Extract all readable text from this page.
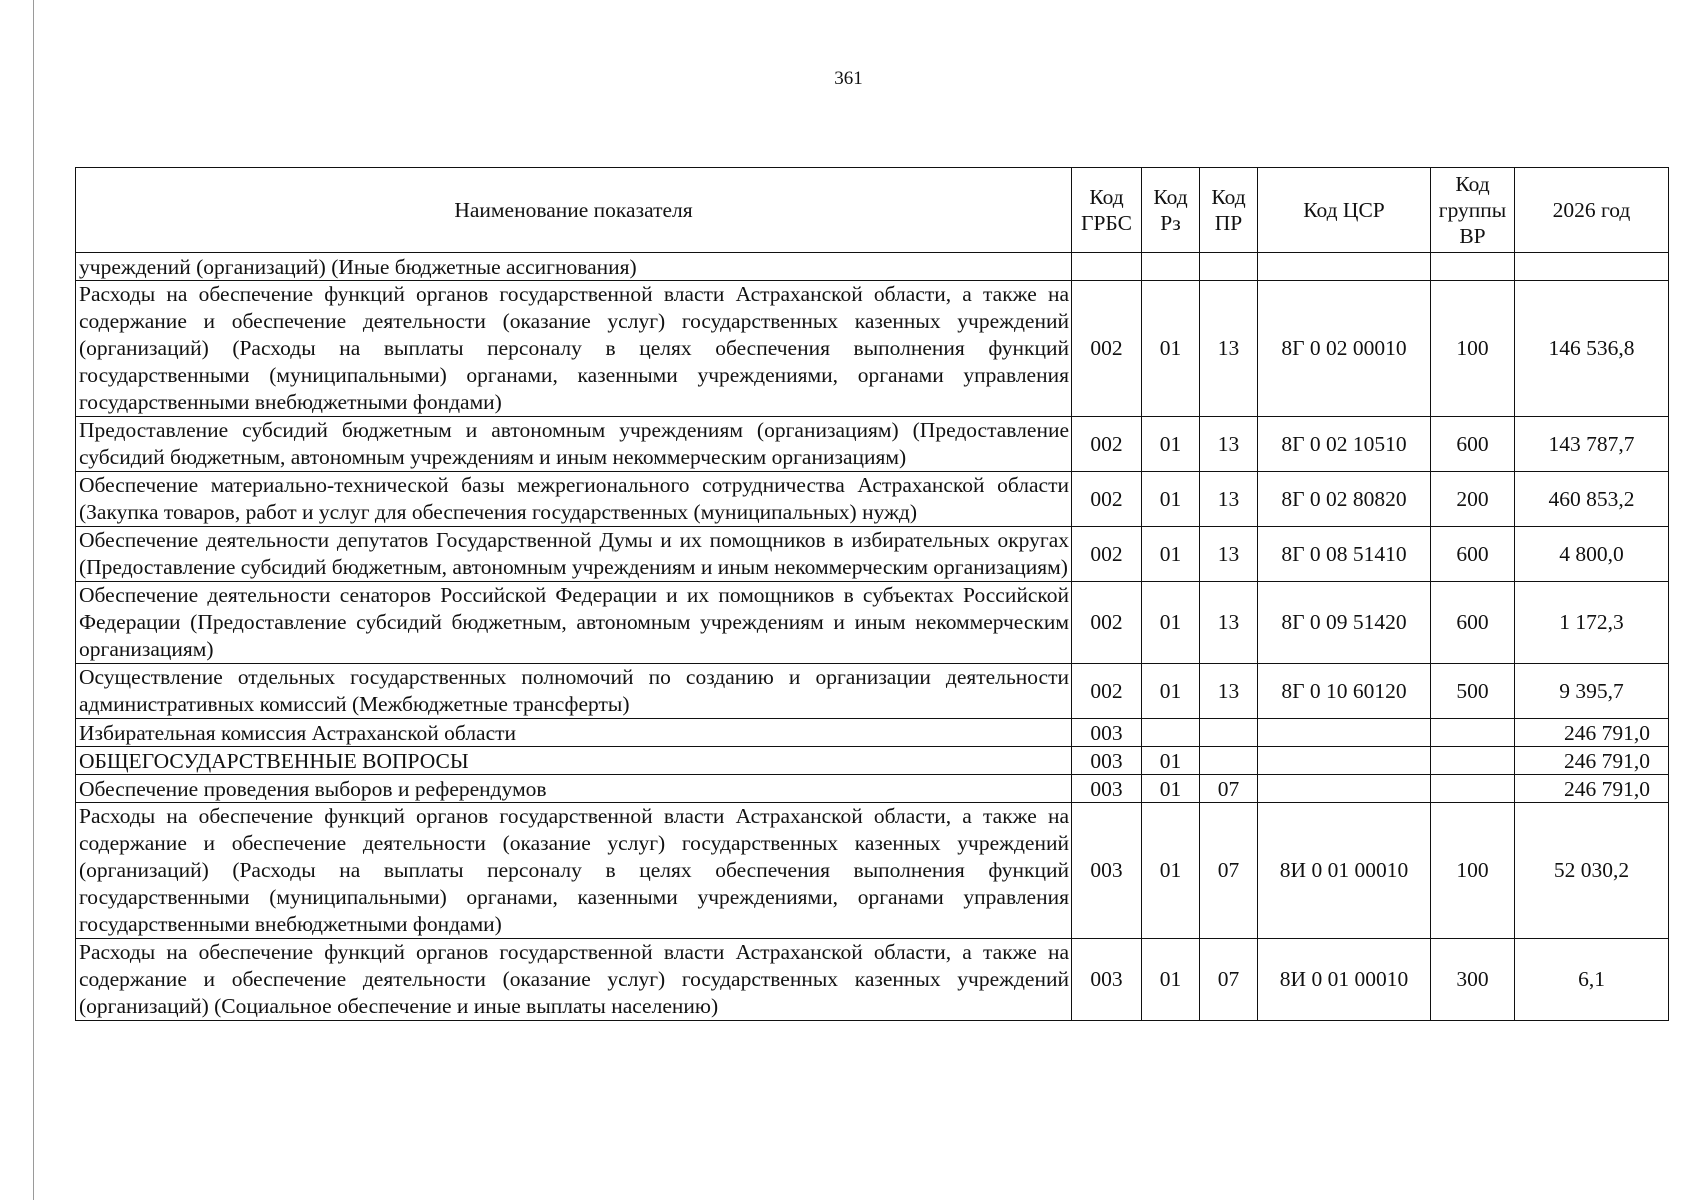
361
Наименование показателя	Код ГРБС	Код Рз	Код ПР	Код ЦСР	Код группы ВР	2026 год
учреждений (организаций) (Иные бюджетные ассигнования)						
Расходы на обеспечение функций органов государственной власти Астраханской области, а также на содержание и обеспечение деятельности (оказание услуг) государственных казенных учреждений (организаций) (Расходы на выплаты персоналу в целях обеспечения выполнения функций государственными (муниципальными) органами, казенными учреждениями, органами управления государственными внебюджетными фондами)	002	01	13	8Г 0 02 00010	100	146 536,8
Предоставление субсидий бюджетным и автономным учреждениям (организациям) (Предоставление субсидий бюджетным, автономным учреждениям и иным некоммерческим организациям)	002	01	13	8Г 0 02 10510	600	143 787,7
Обеспечение материально-технической базы межрегионального сотрудничества Астраханской области (Закупка товаров, работ и услуг для обеспечения государственных (муниципальных) нужд)	002	01	13	8Г 0 02 80820	200	460 853,2
Обеспечение деятельности депутатов Государственной Думы и их помощников в избирательных округах (Предоставление субсидий бюджетным, автономным учреждениям и иным некоммерческим организациям)	002	01	13	8Г 0 08 51410	600	4 800,0
Обеспечение деятельности сенаторов Российской Федерации и их помощников в субъектах Российской Федерации (Предоставление субсидий бюджетным, автономным учреждениям и иным некоммерческим организациям)	002	01	13	8Г 0 09 51420	600	1 172,3
Осуществление отдельных государственных полномочий по созданию и организации деятельности административных комиссий (Межбюджетные трансферты)	002	01	13	8Г 0 10 60120	500	9 395,7
Избирательная комиссия Астраханской области	003					246 791,0
ОБЩЕГОСУДАРСТВЕННЫЕ ВОПРОСЫ	003	01				246 791,0
Обеспечение проведения выборов и референдумов	003	01	07			246 791,0
Расходы на обеспечение функций органов государственной власти Астраханской области, а также на содержание и обеспечение деятельности (оказание услуг) государственных казенных учреждений (организаций) (Расходы на выплаты персоналу в целях обеспечения выполнения функций государственными (муниципальными) органами, казенными учреждениями, органами управления государственными внебюджетными фондами)	003	01	07	8И 0 01 00010	100	52 030,2
Расходы на обеспечение функций органов государственной власти Астраханской области, а также на содержание и обеспечение деятельности (оказание услуг) государственных казенных учреждений (организаций) (Социальное обеспечение и иные выплаты населению)	003	01	07	8И 0 01 00010	300	6,1
